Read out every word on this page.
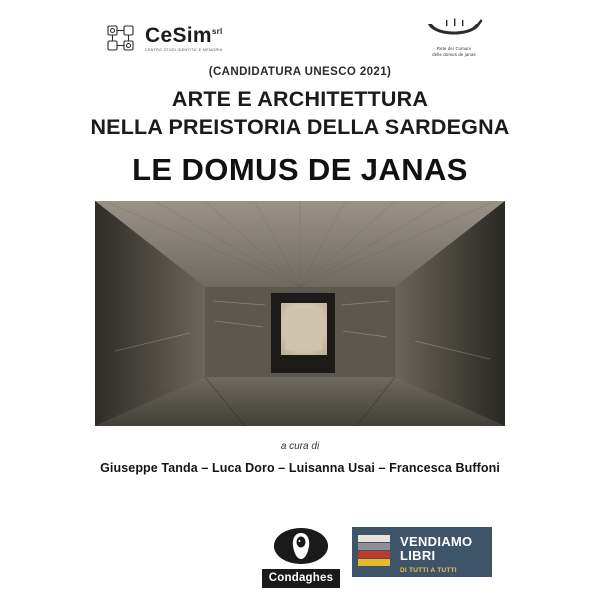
CeSim$^{srl}$
CENTRO STUDI IDENTITA' E MEMORIA	Rete dei Comuni
delle domus de janas
(CANDIDATURA UNESCO 2021)
ARTE E ARCHITETTURA
NELLA PREISTORIA DELLA SARDEGNA
LE DOMUS DE JANAS
a cura di
Giuseppe Tanda – Luca Doro – Luisanna Usai – Francesca Buffoni
Condaghes
VENDIAMO
LIBRI
DI TUTTI A TUTTI
